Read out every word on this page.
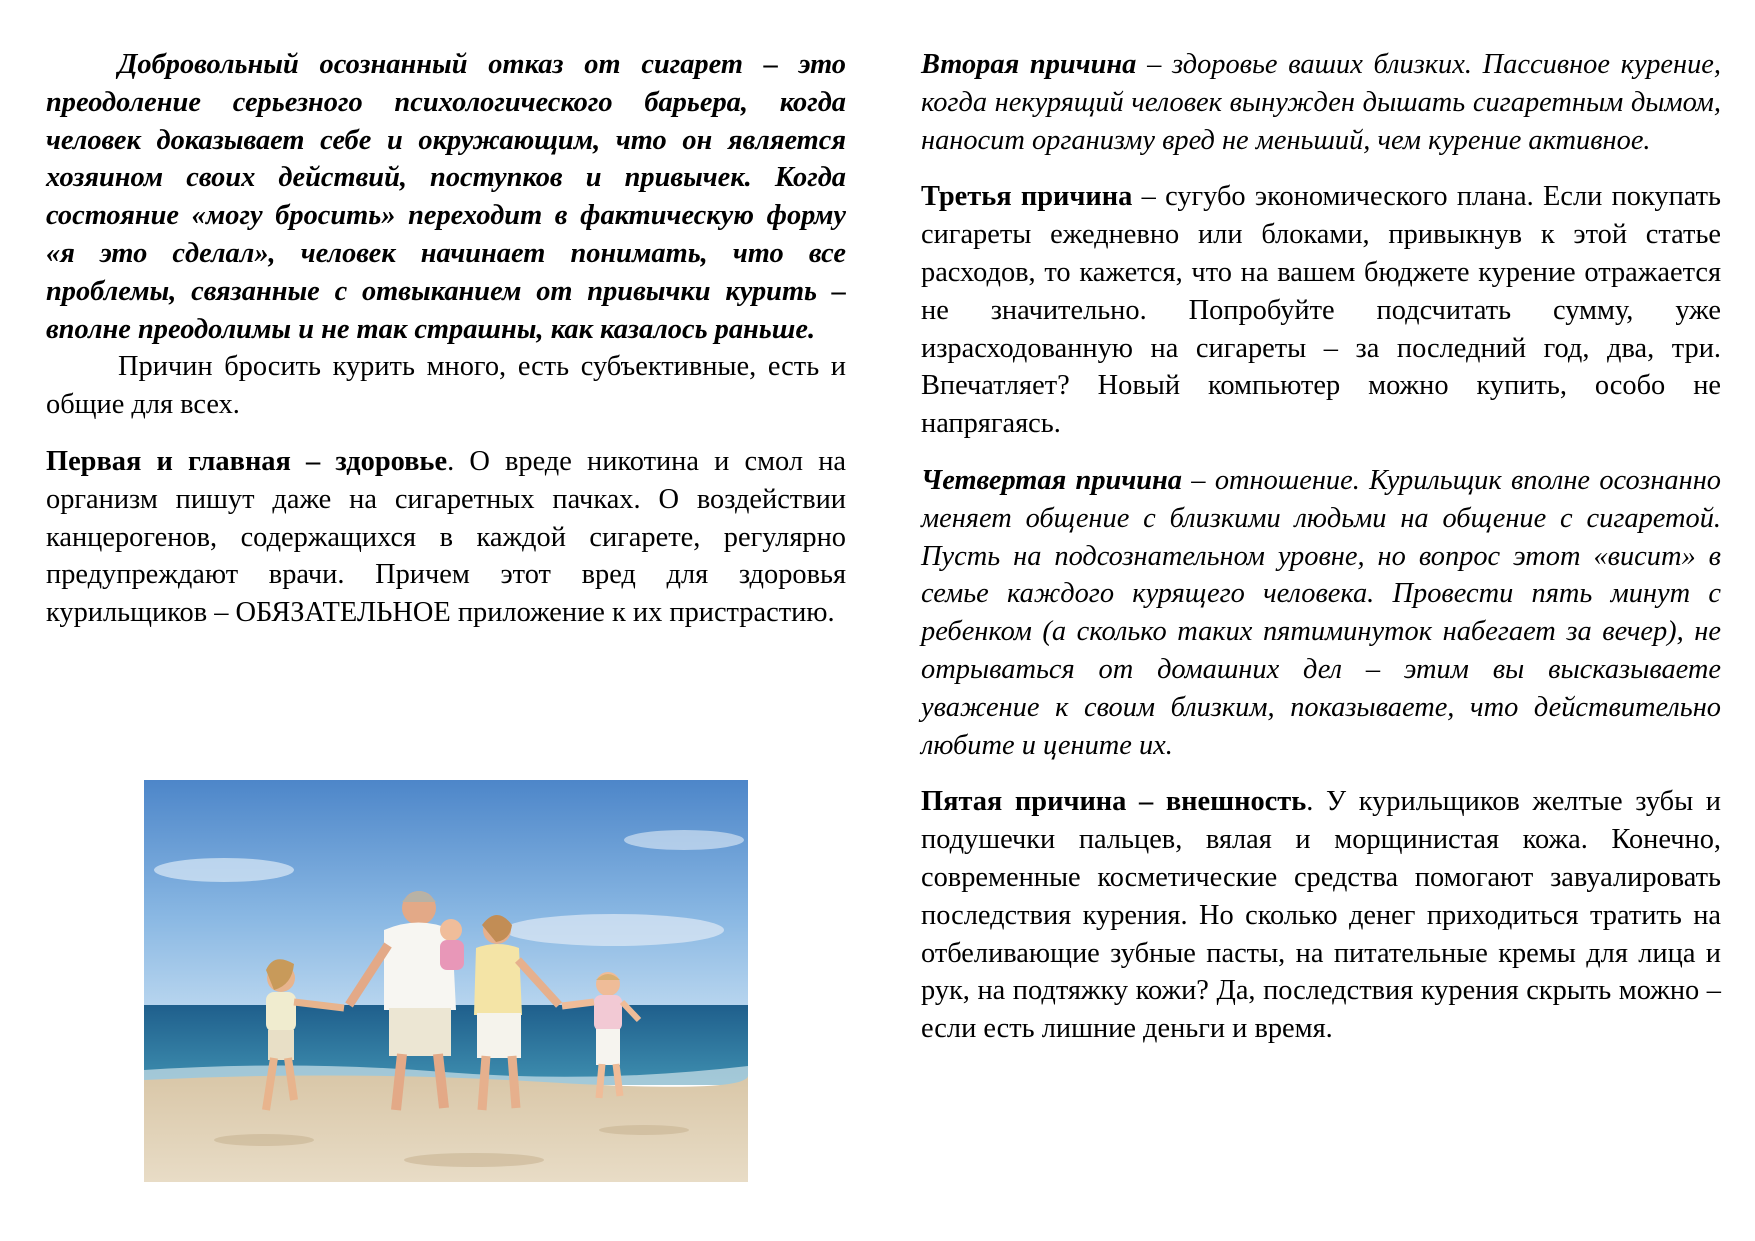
Добровольный осознанный отказ от сигарет – это преодоление серьезного психологического барьера, когда человек доказывает себе и окружающим, что он является хозяином своих действий, поступков и привычек. Когда состояние «могу бросить» переходит в фактическую форму «я это сделал», человек начинает понимать, что все проблемы, связанные с отвыканием от привычки курить – вполне преодолимы и не так страшны, как казалось раньше.

Причин бросить курить много, есть субъективные, есть и общие для всех.

Первая и главная – здоровье. О вреде никотина и смол на организм пишут даже на сигаретных пачках. О воздействии канцерогенов, содержащихся в каждой сигарете, регулярно предупреждают врачи. Причем этот вред для здоровья курильщиков – ОБЯЗАТЕЛЬНОЕ приложение к их пристрастию.

Вторая причина – здоровье ваших близких. Пассивное курение, когда некурящий человек вынужден дышать сигаретным дымом, наносит организму вред не меньший, чем курение активное.

Третья причина – сугубо экономического плана. Если покупать сигареты ежедневно или блоками, привыкнув к этой статье расходов, то кажется, что на вашем бюджете курение отражается не значительно. Попробуйте подсчитать сумму, уже израсходованную на сигареты – за последний год, два, три. Впечатляет? Новый компьютер можно купить, особо не напрягаясь.

Четвертая причина – отношение. Курильщик вполне осознанно меняет общение с близкими людьми на общение с сигаретой. Пусть на подсознательном уровне, но вопрос этот «висит» в семье каждого курящего человека. Провести пять минут с ребенком (а сколько таких пятиминуток набегает за вечер), не отрываться от домашних дел – этим вы высказываете уважение к своим близким, показываете, что действительно любите и цените их.

Пятая причина – внешность. У курильщиков желтые зубы и подушечки пальцев, вялая и морщинистая кожа. Конечно, современные косметические средства помогают завуалировать последствия курения. Но сколько денег приходиться тратить на отбеливающие зубные пасты, на питательные кремы для лица и рук, на подтяжку кожи? Да, последствия курения скрыть можно – если есть лишние деньги и время.
